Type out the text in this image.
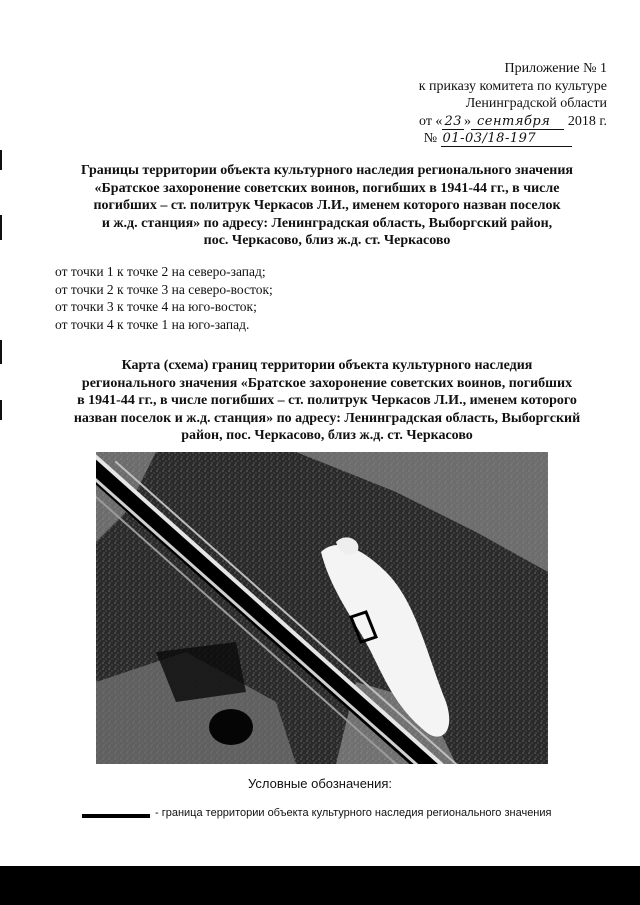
Приложение № 1
к приказу комитета по культуре
Ленинградской области
от « 23 » сентября 2018 г.
№ 01-03/18-197
Границы территории объекта культурного наследия регионального значения
«Братское захоронение советских воинов, погибших в 1941-44 гг., в числе
погибших – ст. политрук Черкасов Л.И., именем которого назван поселок
и ж.д. станция» по адресу: Ленинградская область, Выборгский район,
пос. Черкасово, близ ж.д. ст. Черкасово
от точки 1 к точке 2 на северо-запад;
от точки 2 к точке 3 на северо-восток;
от точки 3 к точке 4 на юго-восток;
от точки 4 к точке 1 на юго-запад.
Карта (схема) границ территории объекта культурного наследия
регионального значения «Братское захоронение советских воинов, погибших
в 1941-44 гг., в числе погибших – ст. политрук Черкасов Л.И., именем которого
назван поселок и ж.д. станция» по адресу: Ленинградская область, Выборгский
район, пос. Черкасово, близ ж.д. ст. Черкасово
Условные обозначения:
- граница территории объекта культурного наследия регионального значения
